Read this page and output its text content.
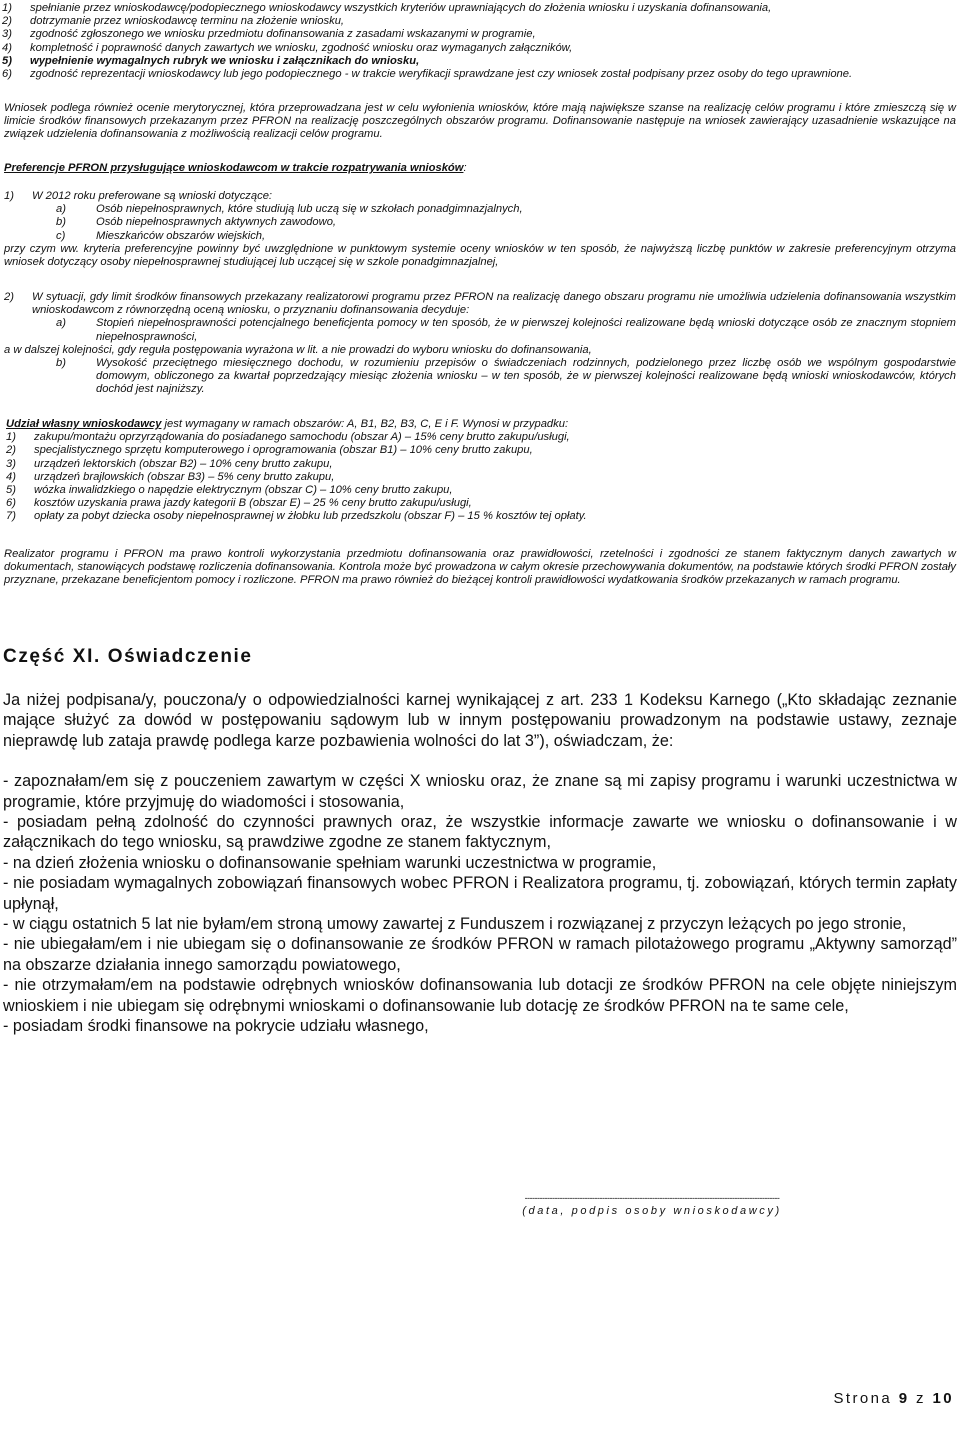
1) spełnianie przez wnioskodawcę/podopiecznego wnioskodawcy wszystkich kryteriów uprawniających do złożenia wniosku i uzyskania dofinansowania,
2) dotrzymanie przez wnioskodawcę terminu na złożenie wniosku,
3) zgodność zgłoszonego we wniosku przedmiotu dofinansowania z zasadami wskazanymi w programie,
4) kompletność i poprawność danych zawartych we wniosku, zgodność wniosku oraz wymaganych załączników,
5) wypełnienie wymagalnych rubryk we wniosku i załącznikach do wniosku,
6) zgodność reprezentacji wnioskodawcy lub jego podopiecznego - w trakcie weryfikacji sprawdzane jest czy wniosek został podpisany przez osoby do tego uprawnione.

Wniosek podlega również ocenie merytorycznej, która przeprowadzana jest w celu wyłonienia wniosków, które mają największe szanse na realizację celów programu i które zmieszczą się w limicie środków finansowych przekazanym przez PFRON na realizację poszczególnych obszarów programu. Dofinansowanie następuje na wniosek zawierający uzasadnienie wskazujące na związek udzielenia dofinansowania z możliwością realizacji celów programu.

Preferencje PFRON przysługujące wnioskodawcom w trakcie rozpatrywania wniosków:

1) W 2012 roku preferowane są wnioski dotyczące:
a)	Osób niepełnosprawnych, które studiują lub uczą się w szkołach ponadgimnazjalnych,
b)	Osób niepełnosprawnych aktywnych zawodowo,
c)	Mieszkańców obszarów wiejskich,

przy czym ww. kryteria preferencyjne powinny być uwzględnione w punktowym systemie oceny wniosków w ten sposób, że najwyższą liczbę punktów w zakresie preferencyjnym otrzyma wniosek dotyczący osoby niepełnosprawnej studiującej lub uczącej się w szkole ponadgimnazjalnej,

2) W sytuacji, gdy limit środków finansowych przekazany realizatorowi programu przez PFRON na realizację danego obszaru programu nie umożliwia udzielenia dofinansowania wszystkim wnioskodawcom z równorzędną oceną wniosku, o przyznaniu dofinansowania decyduje:
a)	Stopień niepełnosprawności potencjalnego beneficjenta pomocy w ten sposób, że w pierwszej kolejności realizowane będą wnioski dotyczące osób ze znacznym stopniem niepełnosprawności,

a w dalszej kolejności, gdy reguła postępowania wyrażona w lit. a nie prowadzi do wyboru wniosku do dofinansowania,

b)	Wysokość przeciętnego miesięcznego dochodu, w rozumieniu przepisów o świadczeniach rodzinnych, podzielonego przez liczbę osób we wspólnym gospodarstwie domowym, obliczonego za kwartał poprzedzający miesiąc złożenia wniosku – w ten sposób, że w pierwszej kolejności realizowane będą wnioski wnioskodawców, których dochód jest najniższy.

Udział własny wnioskodawcy jest wymagany w ramach obszarów: A, B1, B2, B3, C, E i F. Wynosi w przypadku:

1) zakupu/montażu oprzyrządowania do posiadanego samochodu (obszar A) – 15% ceny brutto zakupu/usługi,
2) specjalistycznego sprzętu komputerowego i oprogramowania (obszar B1) – 10% ceny brutto zakupu,
3) urządzeń lektorskich (obszar B2) – 10% ceny brutto zakupu,
4) urządzeń brajlowskich (obszar B3) – 5% ceny brutto zakupu,
5) wózka inwalidzkiego o napędzie elektrycznym (obszar C) – 10% ceny brutto zakupu,
6) kosztów uzyskania prawa jazdy kategorii B (obszar E) – 25 % ceny brutto zakupu/usługi,
7) opłaty za pobyt dziecka osoby niepełnosprawnej w żłobku lub przedszkolu (obszar F) – 15 % kosztów tej opłaty.

Realizator programu i PFRON ma prawo kontroli wykorzystania przedmiotu dofinansowania oraz prawidłowości, rzetelności i zgodności ze stanem faktycznym danych zawartych w dokumentach, stanowiących podstawę rozliczenia dofinansowania. Kontrola może być prowadzona w całym okresie przechowywania dokumentów, na podstawie których środki PFRON zostały przyznane, przekazane beneficjentom pomocy i rozliczone. PFRON ma prawo również do bieżącej kontroli prawidłowości wydatkowania środków przekazanych w ramach programu.

Część XI. Oświadczenie

Ja niżej podpisana/y, pouczona/y o odpowiedzialności karnej wynikającej z art. 233 1 Kodeksu Karnego („Kto składając zeznanie mające służyć za dowód w postępowaniu sądowym lub w innym postępowaniu prowadzonym na podstawie ustawy, zeznaje nieprawdę lub zataja prawdę podlega karze pozbawienia wolności do lat 3”), oświadczam, że:

- zapoznałam/em się z pouczeniem zawartym w części X wniosku oraz, że znane są mi zapisy programu i warunki uczestnictwa w programie, które przyjmuję do wiadomości i stosowania,

- posiadam pełną zdolność do czynności prawnych oraz, że wszystkie informacje zawarte we wniosku o dofinansowanie i w załącznikach do tego wniosku, są prawdziwe zgodne ze stanem faktycznym,

- na dzień złożenia wniosku o dofinansowanie spełniam warunki uczestnictwa w programie,

- nie posiadam wymagalnych zobowiązań finansowych wobec PFRON i Realizatora programu, tj. zobowiązań, których termin zapłaty upłynął,

- w ciągu ostatnich 5 lat nie byłam/em stroną umowy zawartej z Funduszem i rozwiązanej z przyczyn leżących po jego stronie,

- nie ubiegałam/em i nie ubiegam się o dofinansowanie ze środków PFRON w ramach pilotażowego programu „Aktywny samorząd” na obszarze działania innego samorządu powiatowego,

- nie otrzymałam/em na podstawie odrębnych wniosków dofinansowania lub dotacji ze środków PFRON na cele objęte niniejszym wnioskiem i nie ubiegam się odrębnymi wnioskami o dofinansowanie lub dotację ze środków PFRON na te same cele,

- posiadam środki finansowe na pokrycie udziału własnego,

------------------------------------------------------------------------------------------------------
(data, podpis osoby wnioskodawcy)
Strona 9 z 10
